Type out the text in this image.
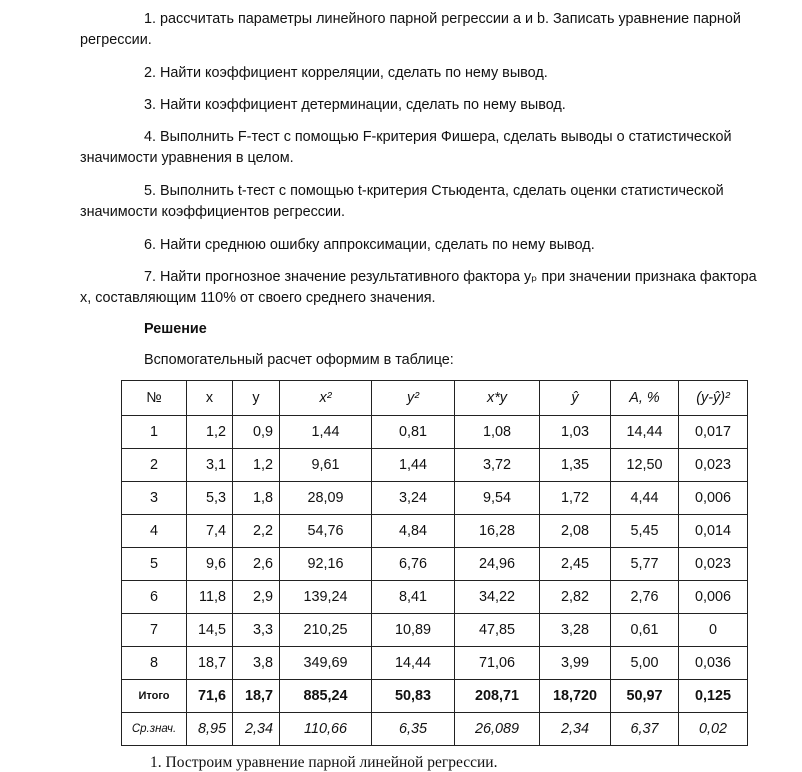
1. рассчитать параметры линейного парной регрессии a и b. Записать уравнение парной регрессии.

2. Найти коэффициент корреляции, сделать по нему вывод.

3. Найти коэффициент детерминации, сделать по нему вывод.

4. Выполнить F-тест с помощью F-критерия Фишера, сделать выводы о статистической значимости уравнения в целом.

5. Выполнить t-тест с помощью t-критерия Стьюдента, сделать оценки статистической значимости коэффициентов регрессии.

6. Найти среднюю ошибку аппроксимации, сделать по нему вывод.

7. Найти прогнозное значение результативного фактора yₚ при значении признака фактора x, составляющим 110% от своего среднего значения.

Решение

Вспомогательный расчет оформим в таблице:

№	x	y	x²	y²	x*y	ŷ	A, %	(y-ŷ)²
1	1,2	0,9	1,44	0,81	1,08	1,03	14,44	0,017
2	3,1	1,2	9,61	1,44	3,72	1,35	12,50	0,023
3	5,3	1,8	28,09	3,24	9,54	1,72	4,44	0,006
4	7,4	2,2	54,76	4,84	16,28	2,08	5,45	0,014
5	9,6	2,6	92,16	6,76	24,96	2,45	5,77	0,023
6	11,8	2,9	139,24	8,41	34,22	2,82	2,76	0,006
7	14,5	3,3	210,25	10,89	47,85	3,28	0,61	0
8	18,7	3,8	349,69	14,44	71,06	3,99	5,00	0,036
Итого	71,6	18,7	885,24	50,83	208,71	18,720	50,97	0,125
Ср.знач.	8,95	2,34	110,66	6,35	26,089	2,34	6,37	0,02

1. Построим уравнение парной линейной регрессии.
